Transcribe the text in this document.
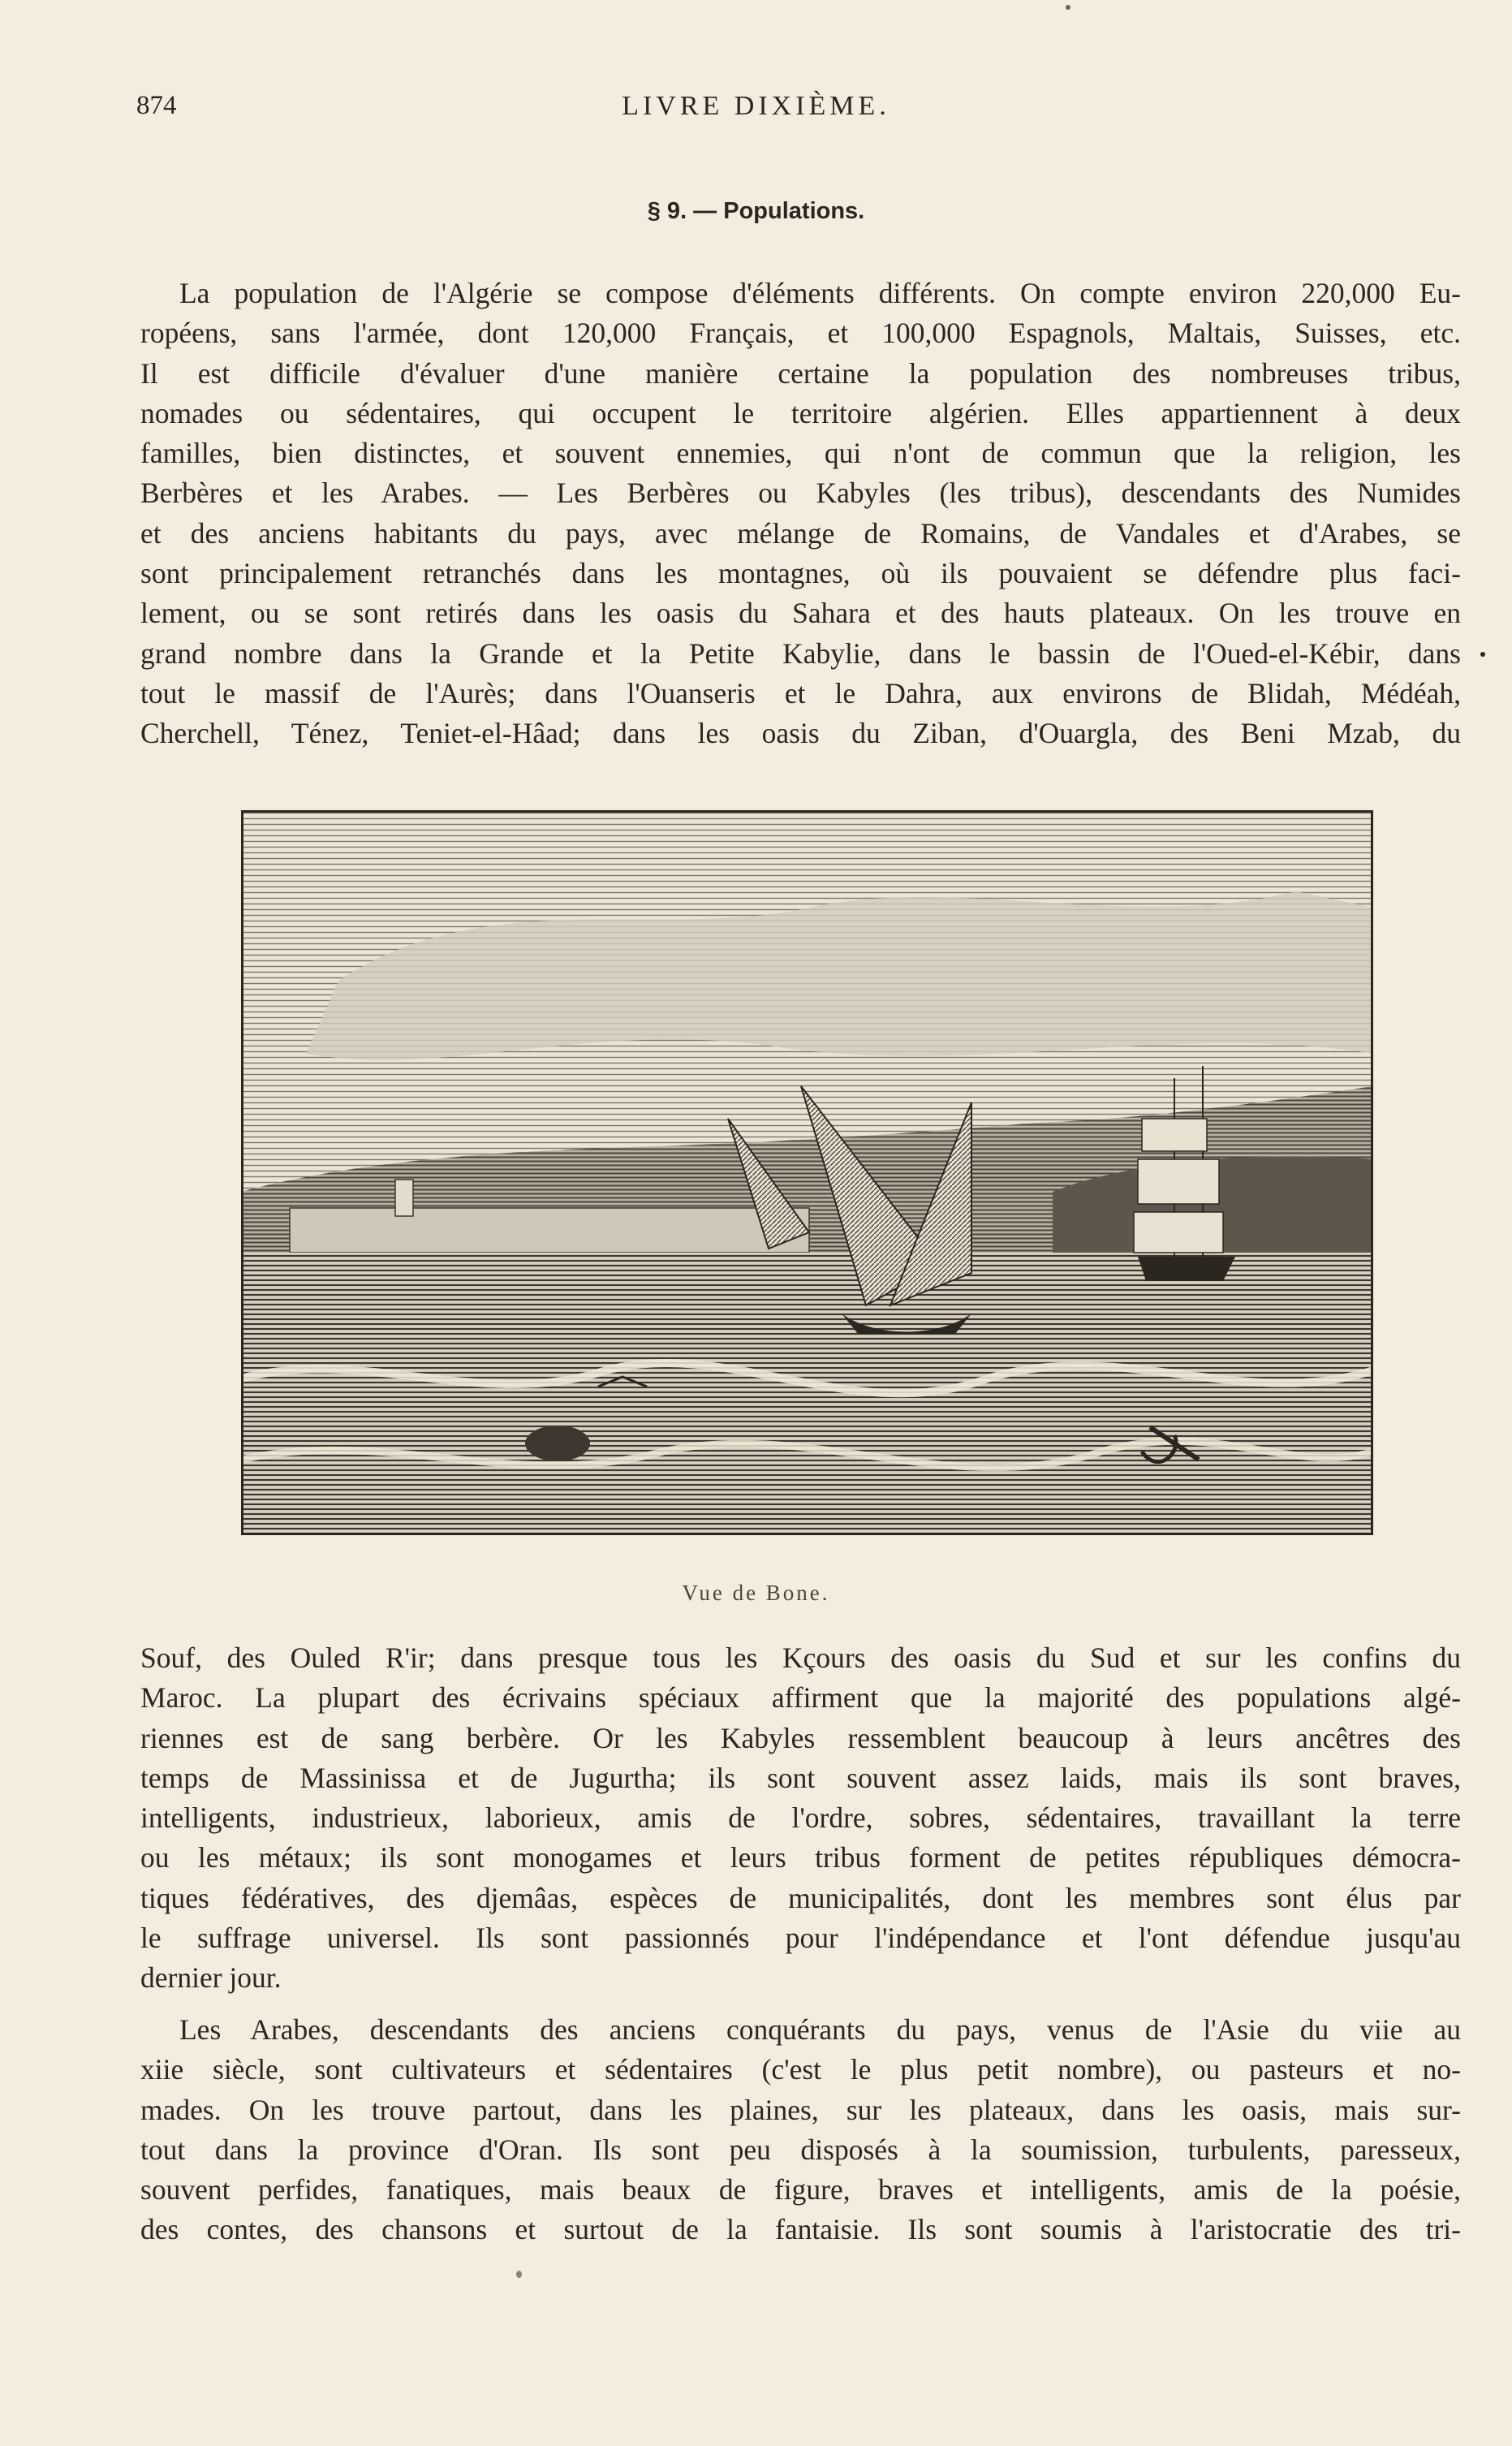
874	LIVRE DIXIÈME.
§ 9. — Populations.
La population de l'Algérie se compose d'éléments différents. On compte environ 220,000 Eu-
ropéens, sans l'armée, dont 120,000 Français, et 100,000 Espagnols, Maltais, Suisses, etc.
Il est difficile d'évaluer d'une manière certaine la population des nombreuses tribus,
nomades ou sédentaires, qui occupent le territoire algérien. Elles appartiennent à deux
familles, bien distinctes, et souvent ennemies, qui n'ont de commun que la religion, les
Berbères et les Arabes. — Les Berbères ou Kabyles (les tribus), descendants des Numides
et des anciens habitants du pays, avec mélange de Romains, de Vandales et d'Arabes, se
sont principalement retranchés dans les montagnes, où ils pouvaient se défendre plus faci-
lement, ou se sont retirés dans les oasis du Sahara et des hauts plateaux. On les trouve en
grand nombre dans la Grande et la Petite Kabylie, dans le bassin de l'Oued-el-Kébir, dans
tout le massif de l'Aurès; dans l'Ouanseris et le Dahra, aux environs de Blidah, Médéah,
Cherchell, Ténez, Teniet-el-Hâad; dans les oasis du Ziban, d'Ouargla, des Beni Mzab, du
Vue de Bone.
Souf, des Ouled R'ir; dans presque tous les Kçours des oasis du Sud et sur les confins du
Maroc. La plupart des écrivains spéciaux affirment que la majorité des populations algé-
riennes est de sang berbère. Or les Kabyles ressemblent beaucoup à leurs ancêtres des
temps de Massinissa et de Jugurtha; ils sont souvent assez laids, mais ils sont braves,
intelligents, industrieux, laborieux, amis de l'ordre, sobres, sédentaires, travaillant la terre
ou les métaux; ils sont monogames et leurs tribus forment de petites républiques démocra-
tiques fédératives, des djemâas, espèces de municipalités, dont les membres sont élus par
le suffrage universel. Ils sont passionnés pour l'indépendance et l'ont défendue jusqu'au
dernier jour.
Les Arabes, descendants des anciens conquérants du pays, venus de l'Asie du viie au
xiie siècle, sont cultivateurs et sédentaires (c'est le plus petit nombre), ou pasteurs et no-
mades. On les trouve partout, dans les plaines, sur les plateaux, dans les oasis, mais sur-
tout dans la province d'Oran. Ils sont peu disposés à la soumission, turbulents, paresseux,
souvent perfides, fanatiques, mais beaux de figure, braves et intelligents, amis de la poésie,
des contes, des chansons et surtout de la fantaisie. Ils sont soumis à l'aristocratie des tri-
